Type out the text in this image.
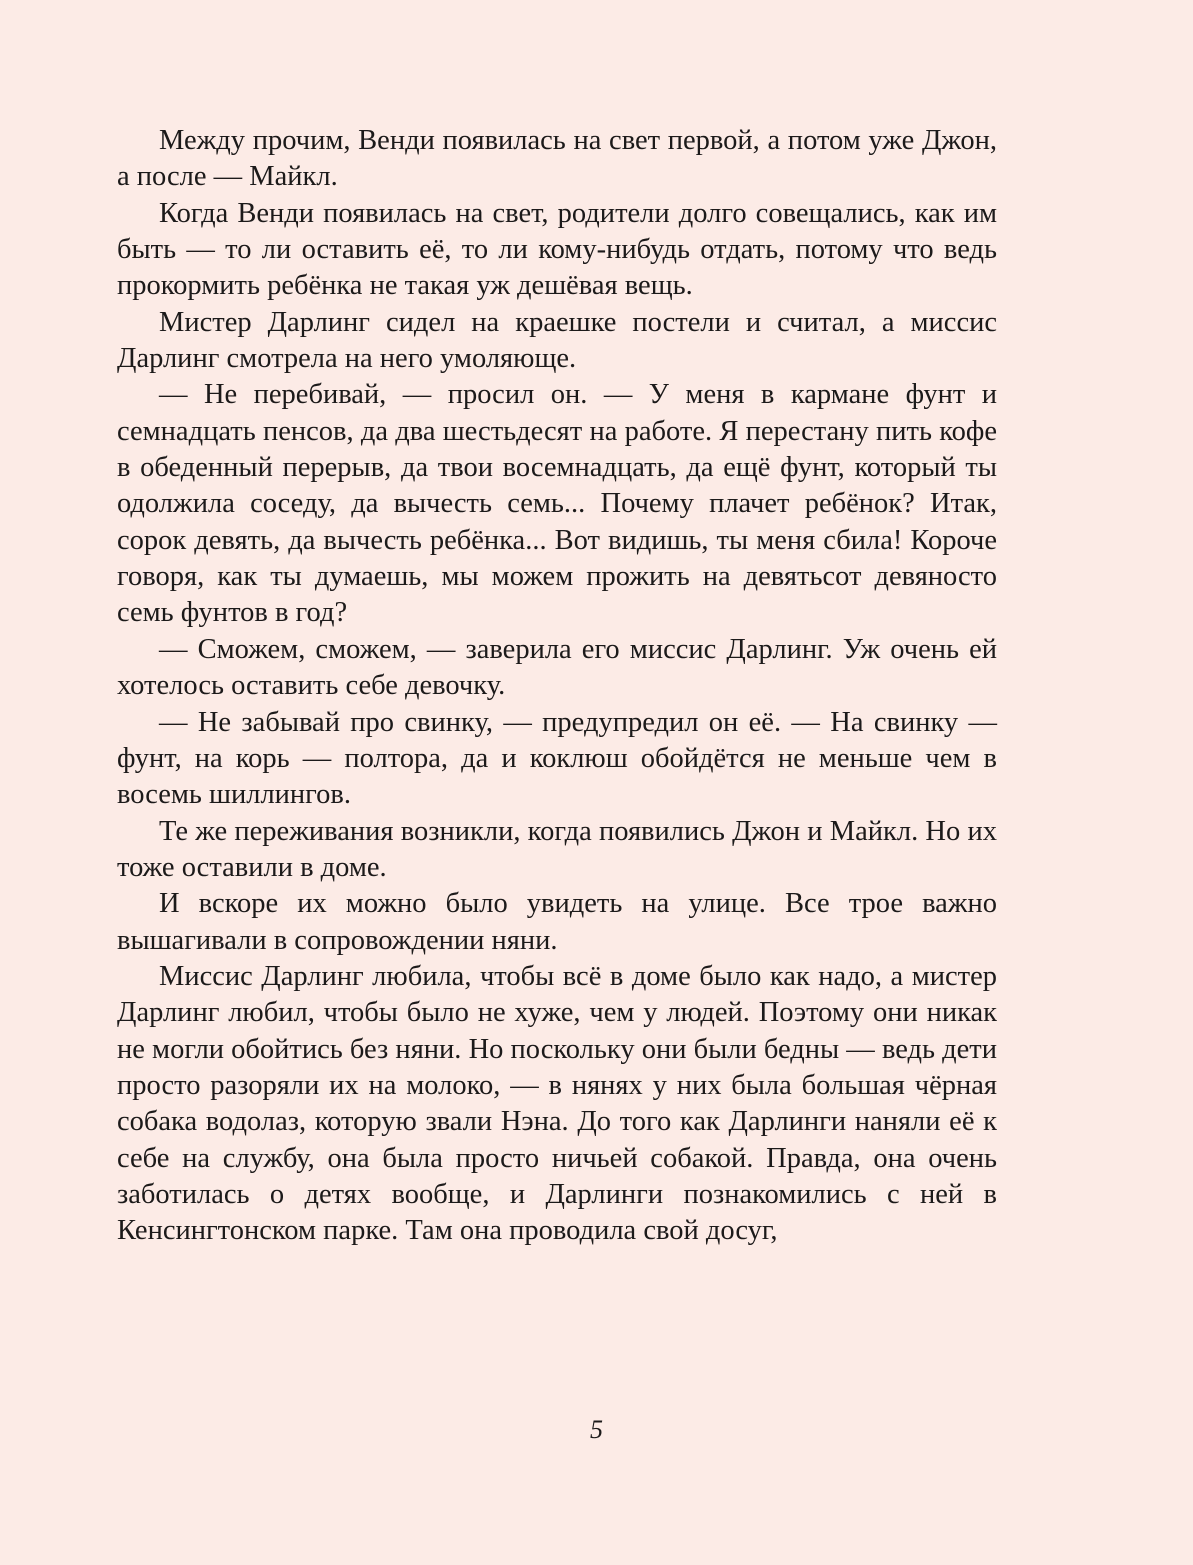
Между прочим, Венди появилась на свет первой, а потом уже Джон, а после — Майкл.

Когда Венди появилась на свет, родители долго совещались, как им быть — то ли оставить её, то ли кому-нибудь отдать, потому что ведь прокормить ребёнка не такая уж дешёвая вещь.

Мистер Дарлинг сидел на краешке постели и считал, а миссис Дарлинг смотрела на него умоляюще.

— Не перебивай, — просил он. — У меня в кармане фунт и семнадцать пенсов, да два шестьдесят на работе. Я перестану пить кофе в обеденный перерыв, да твои восемнадцать, да ещё фунт, который ты одолжила соседу, да вычесть семь... Почему плачет ребёнок? Итак, сорок девять, да вычесть ребёнка... Вот видишь, ты меня сбила! Короче говоря, как ты думаешь, мы можем прожить на девятьсот девяносто семь фунтов в год?

— Сможем, сможем, — заверила его миссис Дарлинг. Уж очень ей хотелось оставить себе девочку.

— Не забывай про свинку, — предупредил он её. — На свинку — фунт, на корь — полтора, да и коклюш обойдётся не меньше чем в восемь шиллингов.

Те же переживания возникли, когда появились Джон и Майкл. Но их тоже оставили в доме.

И вскоре их можно было увидеть на улице. Все трое важно вышагивали в сопровождении няни.

Миссис Дарлинг любила, чтобы всё в доме было как надо, а мистер Дарлинг любил, чтобы было не хуже, чем у людей. Поэтому они никак не могли обойтись без няни. Но поскольку они были бедны — ведь дети просто разоряли их на молоко, — в нянях у них была большая чёрная собака водолаз, которую звали Нэна. До того как Дарлинги наняли её к себе на службу, она была просто ничьей собакой. Правда, она очень заботилась о детях вообще, и Дарлинги познакомились с ней в Кенсингтонском парке. Там она проводила свой досуг,

5
